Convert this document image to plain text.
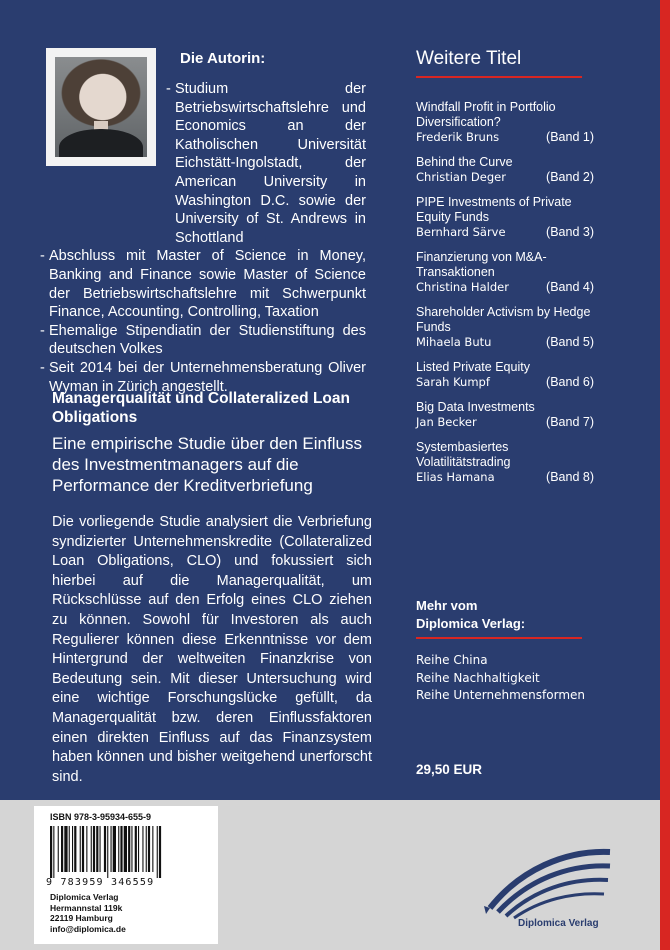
Die Autorin:
- Studium der Betriebswirtschaftslehre und Economics an der Katholischen Universität Eichstätt-Ingolstadt, der American University in Washington D.C. sowie der University of St. Andrews in Schottland
- Abschluss mit Master of Science in Money, Banking and Finance sowie Master of Science der Betriebswirtschaftslehre mit Schwerpunkt Finance, Accounting, Controlling, Taxation
- Ehemalige Stipendiatin der Studienstiftung des deutschen Volkes
- Seit 2014 bei der Unternehmensberatung Oliver Wyman in Zürich angestellt.
Managerqualität und Collateralized Loan Obligations
Eine empirische Studie über den Einfluss des Investmentmanagers auf die Performance der Kreditverbriefung
Die vorliegende Studie analysiert die Verbriefung syndizierter Unternehmenskredite (Collateralized Loan Obligations, CLO) und fokussiert sich hierbei auf die Managerqualität, um Rückschlüsse auf den Erfolg eines CLO ziehen zu können. Sowohl für Investoren als auch Regulierer können diese Erkenntnisse vor dem Hintergrund der weltweiten Finanzkrise von Bedeutung sein. Mit dieser Untersuchung wird eine wichtige Forschungslücke gefüllt, da Managerqualität bzw. deren Einflussfaktoren einen direkten Einfluss auf das Finanzsystem haben können und bisher weitgehend unerforscht sind.
Weitere Titel
Windfall Profit in Portfolio Diversification?
Frederik Bruns	(Band 1)
Behind the Curve
Christian Deger	(Band 2)
PIPE Investments of Private Equity Funds
Bernhard Särve	(Band 3)
Finanzierung von M&A-Transaktionen
Christina Halder	(Band 4)
Shareholder Activism by Hedge Funds
Mihaela Butu	(Band 5)
Listed Private Equity
Sarah Kumpf	(Band 6)
Big Data Investments
Jan Becker	(Band 7)
Systembasiertes Volatilitätstrading
Elias Hamana	(Band 8)
Mehr vom
Diplomica Verlag:
Reihe China
Reihe Nachhaltigkeit
Reihe Unternehmensformen
29,50 EUR
ISBN 978-3-95934-655-9
9 783959 346559
Diplomica Verlag
Hermannstal 119k
22119 Hamburg
info@diplomica.de	Diplomica Verlag
